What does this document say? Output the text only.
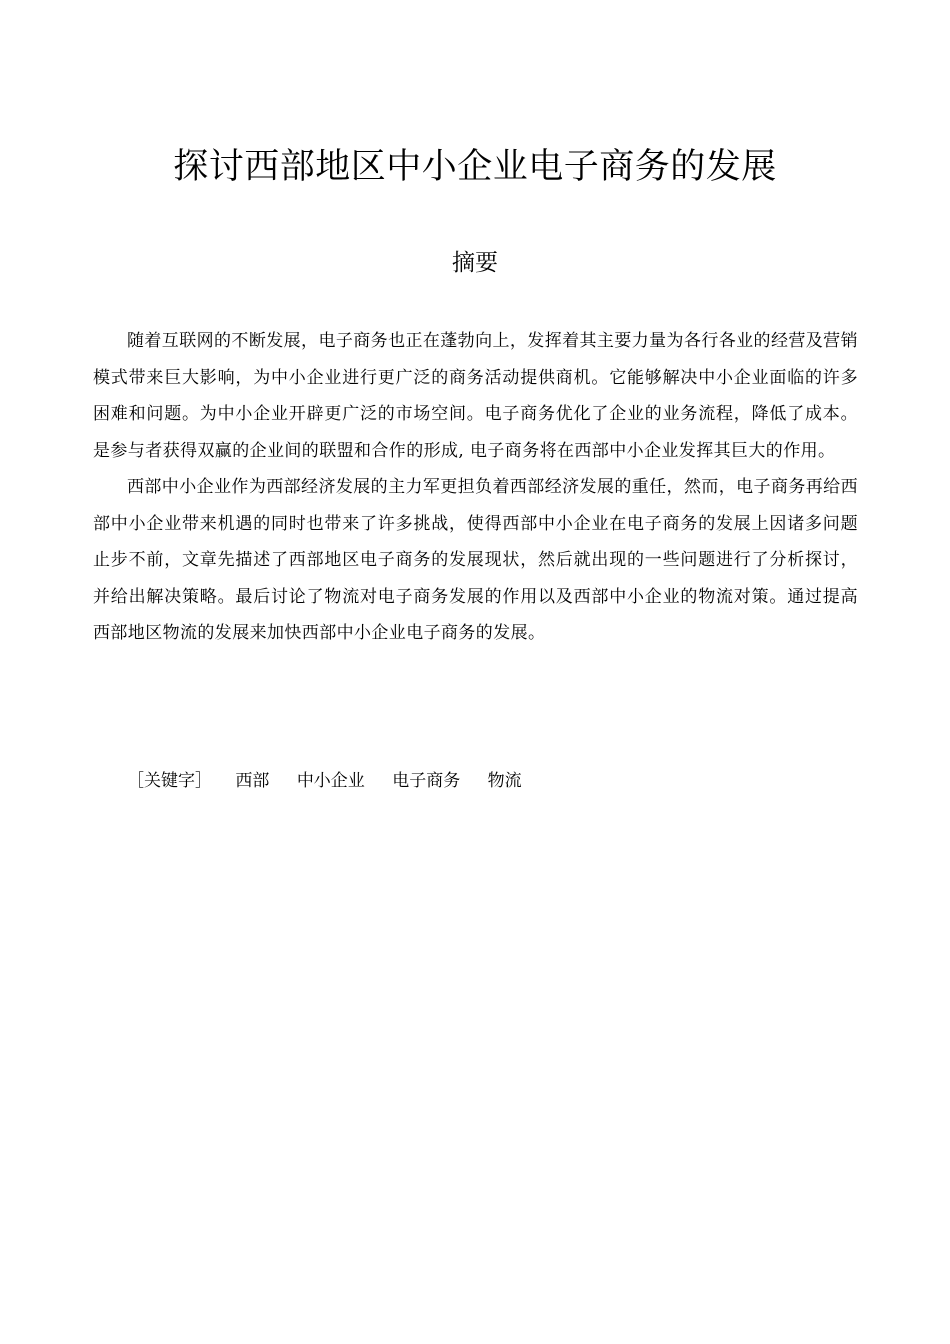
探讨西部地区中小企业电子商务的发展
摘要

随着互联网的不断发展，电子商务也正在蓬勃向上，发挥着其主要力量为各行各业的经营及营销模式带来巨大影响，为中小企业进行更广泛的商务活动提供商机。它能够解决中小企业面临的许多困难和问题。为中小企业开辟更广泛的市场空间。电子商务优化了企业的业务流程，降低了成本。是参与者获得双赢的企业间的联盟和合作的形成, 电子商务将在西部中小企业发挥其巨大的作用。

西部中小企业作为西部经济发展的主力军更担负着西部经济发展的重任，然而，电子商务再给西部中小企业带来机遇的同时也带来了许多挑战，使得西部中小企业在电子商务的发展上因诸多问题止步不前，文章先描述了西部地区电子商务的发展现状，然后就出现的一些问题进行了分析探讨，并给出解决策略。最后讨论了物流对电子商务发展的作用以及西部中小企业的物流对策。通过提高西部地区物流的发展来加快西部中小企业电子商务的发展。

［关键字］ 西部 中小企业 电子商务 物流
